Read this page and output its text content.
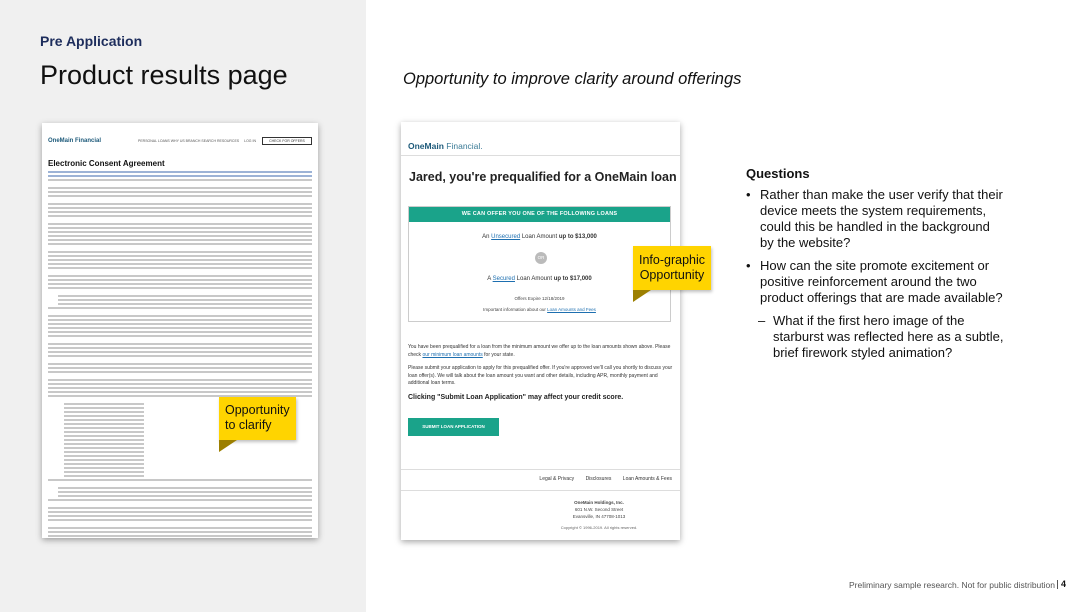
Pre Application
Product results page	Opportunity to improve clarity around offerings
OneMain Financial	PERSONAL LOANS WHY US BRANCH SEARCH RESOURCES LOG IN	CHECK FOR OFFERS
Electronic Consent Agreement
OneMain Financial.
Jared, you're prequalified for a OneMain loan
WE CAN OFFER YOU ONE OF THE FOLLOWING LOANS
An Unsecured Loan Amount up to $13,000
OR
A Secured Loan Amount up to $17,000
Offers Expire 12/18/2019
Important information about our Loan Amounts and Fees
You have been prequalified for a loan from the minimum amount we offer up to the loan amounts shown above. Please check our minimum loan amounts for your state.
Please submit your application to apply for this prequalified offer. If you're approved we'll call you shortly to discuss your loan offer(s). We will talk about the loan amount you want and other details, including APR, monthly payment and additional loan terms.
Clicking "Submit Loan Application" may affect your credit score.
SUBMIT LOAN APPLICATION
Legal & Privacy Disclosures Loan Amounts & Fees
OneMain Holdings, Inc.
601 N.W. Second Street
Evansville, IN 47708-1013
Copyright © 1996-2019. All rights reserved.
Opportunity
to clarify
Info-graphic
Opportunity
Questions
• Rather than make the user verify that their device meets the system requirements, could this be handled in the background by the website?
• How can the site promote excitement or positive reinforcement around the two product offerings that are made available?
– What if the first hero image of the starburst was reflected here as a subtle, brief firework styled animation?
Preliminary sample research. Not for public distribution 4
